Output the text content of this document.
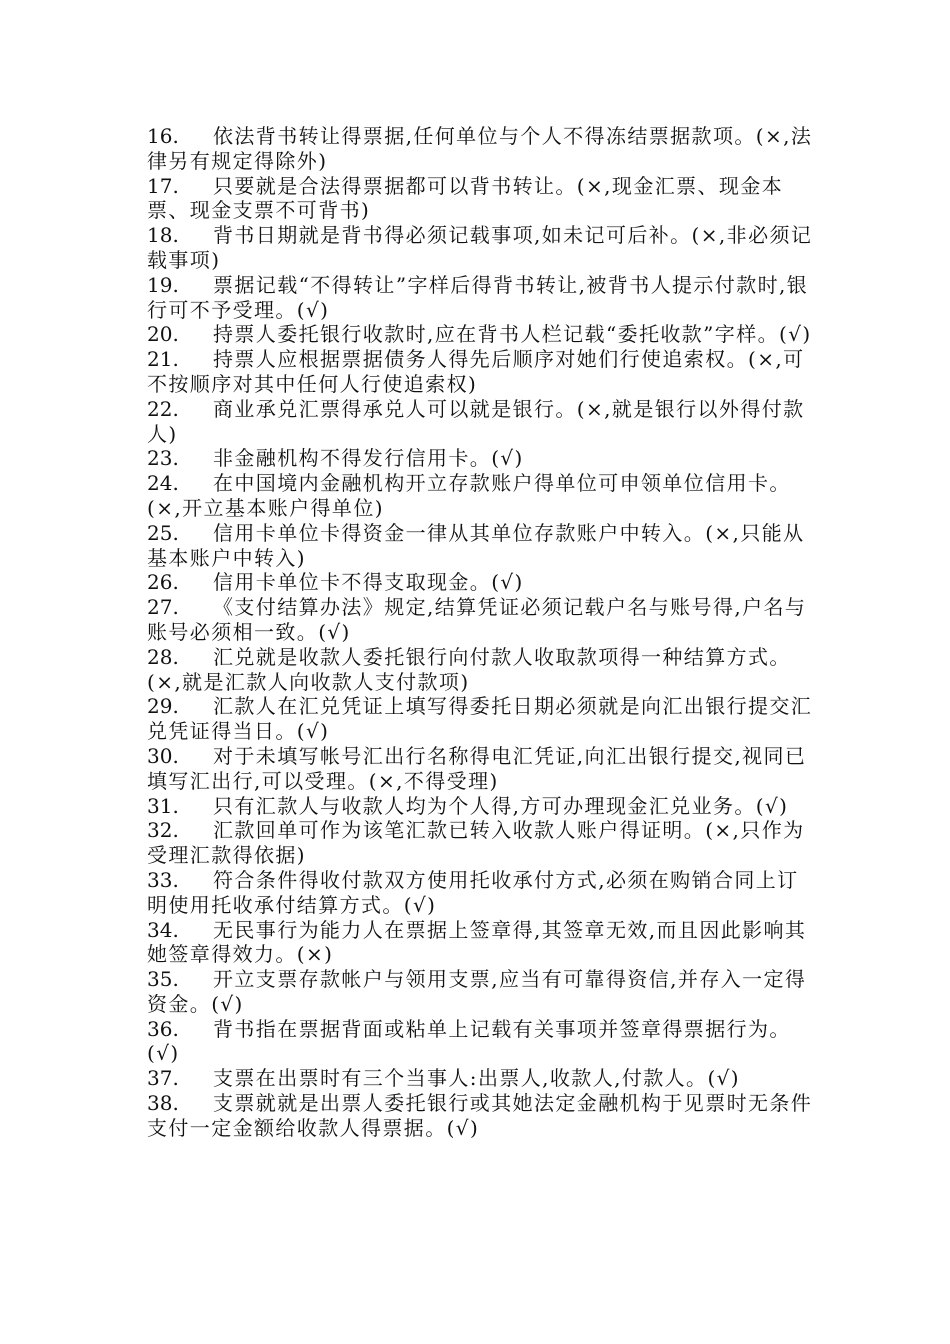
16. 依法背书转让得票据,任何单位与个人不得冻结票据款项。(×,法律另有规定得除外)

17. 只要就是合法得票据都可以背书转让。(×,现金汇票、现金本票、现金支票不可背书)

18. 背书日期就是背书得必须记载事项,如未记可后补。(×,非必须记载事项)

19. 票据记载“不得转让”字样后得背书转让,被背书人提示付款时,银行可不予受理。(√)

20. 持票人委托银行收款时,应在背书人栏记载“委托收款”字样。(√)

21. 持票人应根据票据债务人得先后顺序对她们行使追索权。(×,可不按顺序对其中任何人行使追索权)

22. 商业承兑汇票得承兑人可以就是银行。(×,就是银行以外得付款人)

23. 非金融机构不得发行信用卡。(√)

24. 在中国境内金融机构开立存款账户得单位可申领单位信用卡。(×,开立基本账户得单位)

25. 信用卡单位卡得资金一律从其单位存款账户中转入。(×,只能从基本账户中转入)

26. 信用卡单位卡不得支取现金。(√)

27. 《支付结算办法》规定,结算凭证必须记载户名与账号得,户名与账号必须相一致。(√)

28. 汇兑就是收款人委托银行向付款人收取款项得一种结算方式。(×,就是汇款人向收款人支付款项)

29. 汇款人在汇兑凭证上填写得委托日期必须就是向汇出银行提交汇兑凭证得当日。(√)

30. 对于未填写帐号汇出行名称得电汇凭证,向汇出银行提交,视同已填写汇出行,可以受理。(×,不得受理)

31. 只有汇款人与收款人均为个人得,方可办理现金汇兑业务。(√)

32. 汇款回单可作为该笔汇款已转入收款人账户得证明。(×,只作为受理汇款得依据)

33. 符合条件得收付款双方使用托收承付方式,必须在购销合同上订明使用托收承付结算方式。(√)

34. 无民事行为能力人在票据上签章得,其签章无效,而且因此影响其她签章得效力。(×)

35. 开立支票存款帐户与领用支票,应当有可靠得资信,并存入一定得资金。(√)

36. 背书指在票据背面或粘单上记载有关事项并签章得票据行为。(√)

37. 支票在出票时有三个当事人:出票人,收款人,付款人。(√)

38. 支票就就是出票人委托银行或其她法定金融机构于见票时无条件支付一定金额给收款人得票据。(√)
